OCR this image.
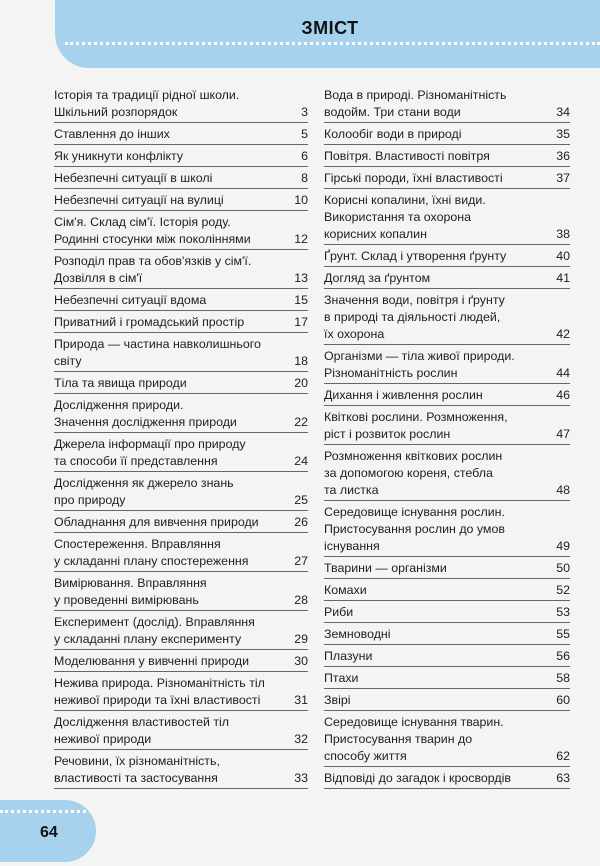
ЗМІСТ
Історія та традиції рідної школи.
Шкільний розпорядок	3
Ставлення до інших	5
Як уникнути конфлікту	6
Небезпечні ситуації в школі	8
Небезпечні ситуації на вулиці	10
Сім'я. Склад сім'ї. Історія роду.
Родинні стосунки між поколіннями	12
Розподіл прав та обов'язків у сім'ї.
Дозвілля в сім'ї	13
Небезпечні ситуації вдома	15
Приватний і громадський простір	17
Природа — частина навколишнього
світу	18
Тіла та явища природи	20
Дослідження природи.
Значення дослідження природи	22
Джерела інформації про природу
та способи її представлення	24
Дослідження як джерело знань
про природу	25
Обладнання для вивчення природи	26
Спостереження. Вправляння
у складанні плану спостереження	27
Вимірювання. Вправляння
у проведенні вимірювань	28
Експеримент (дослід). Вправляння
у складанні плану експерименту	29
Моделювання у вивченні природи	30
Нежива природа. Різноманітність тіл
неживої природи та їхні властивості	31
Дослідження властивостей тіл
неживої природи	32
Речовини, їх різноманітність,
властивості та застосування	33
Вода в природі. Різноманітність
водойм. Три стани води	34
Колообіг води в природі	35
Повітря. Властивості повітря	36
Гірські породи, їхні властивості	37
Корисні копалини, їхні види.
Використання та охорона
корисних копалин	38
Ґрунт. Склад і утворення ґрунту	40
Догляд за ґрунтом	41
Значення води, повітря і ґрунту
в природі та діяльності людей,
їх охорона	42
Організми — тіла живої природи.
Різноманітність рослин	44
Дихання і живлення рослин	46
Квіткові рослини. Розмноження,
ріст і розвиток рослин	47
Розмноження квіткових рослин
за допомогою кореня, стебла
та листка	48
Середовище існування рослин.
Пристосування рослин до умов
існування	49
Тварини — організми	50
Комахи	52
Риби	53
Земноводні	55
Плазуни	56
Птахи	58
Звірі	60
Середовище існування тварин.
Пристосування тварин до
способу життя	62
Відповіді до загадок і кросвордів	63
64
